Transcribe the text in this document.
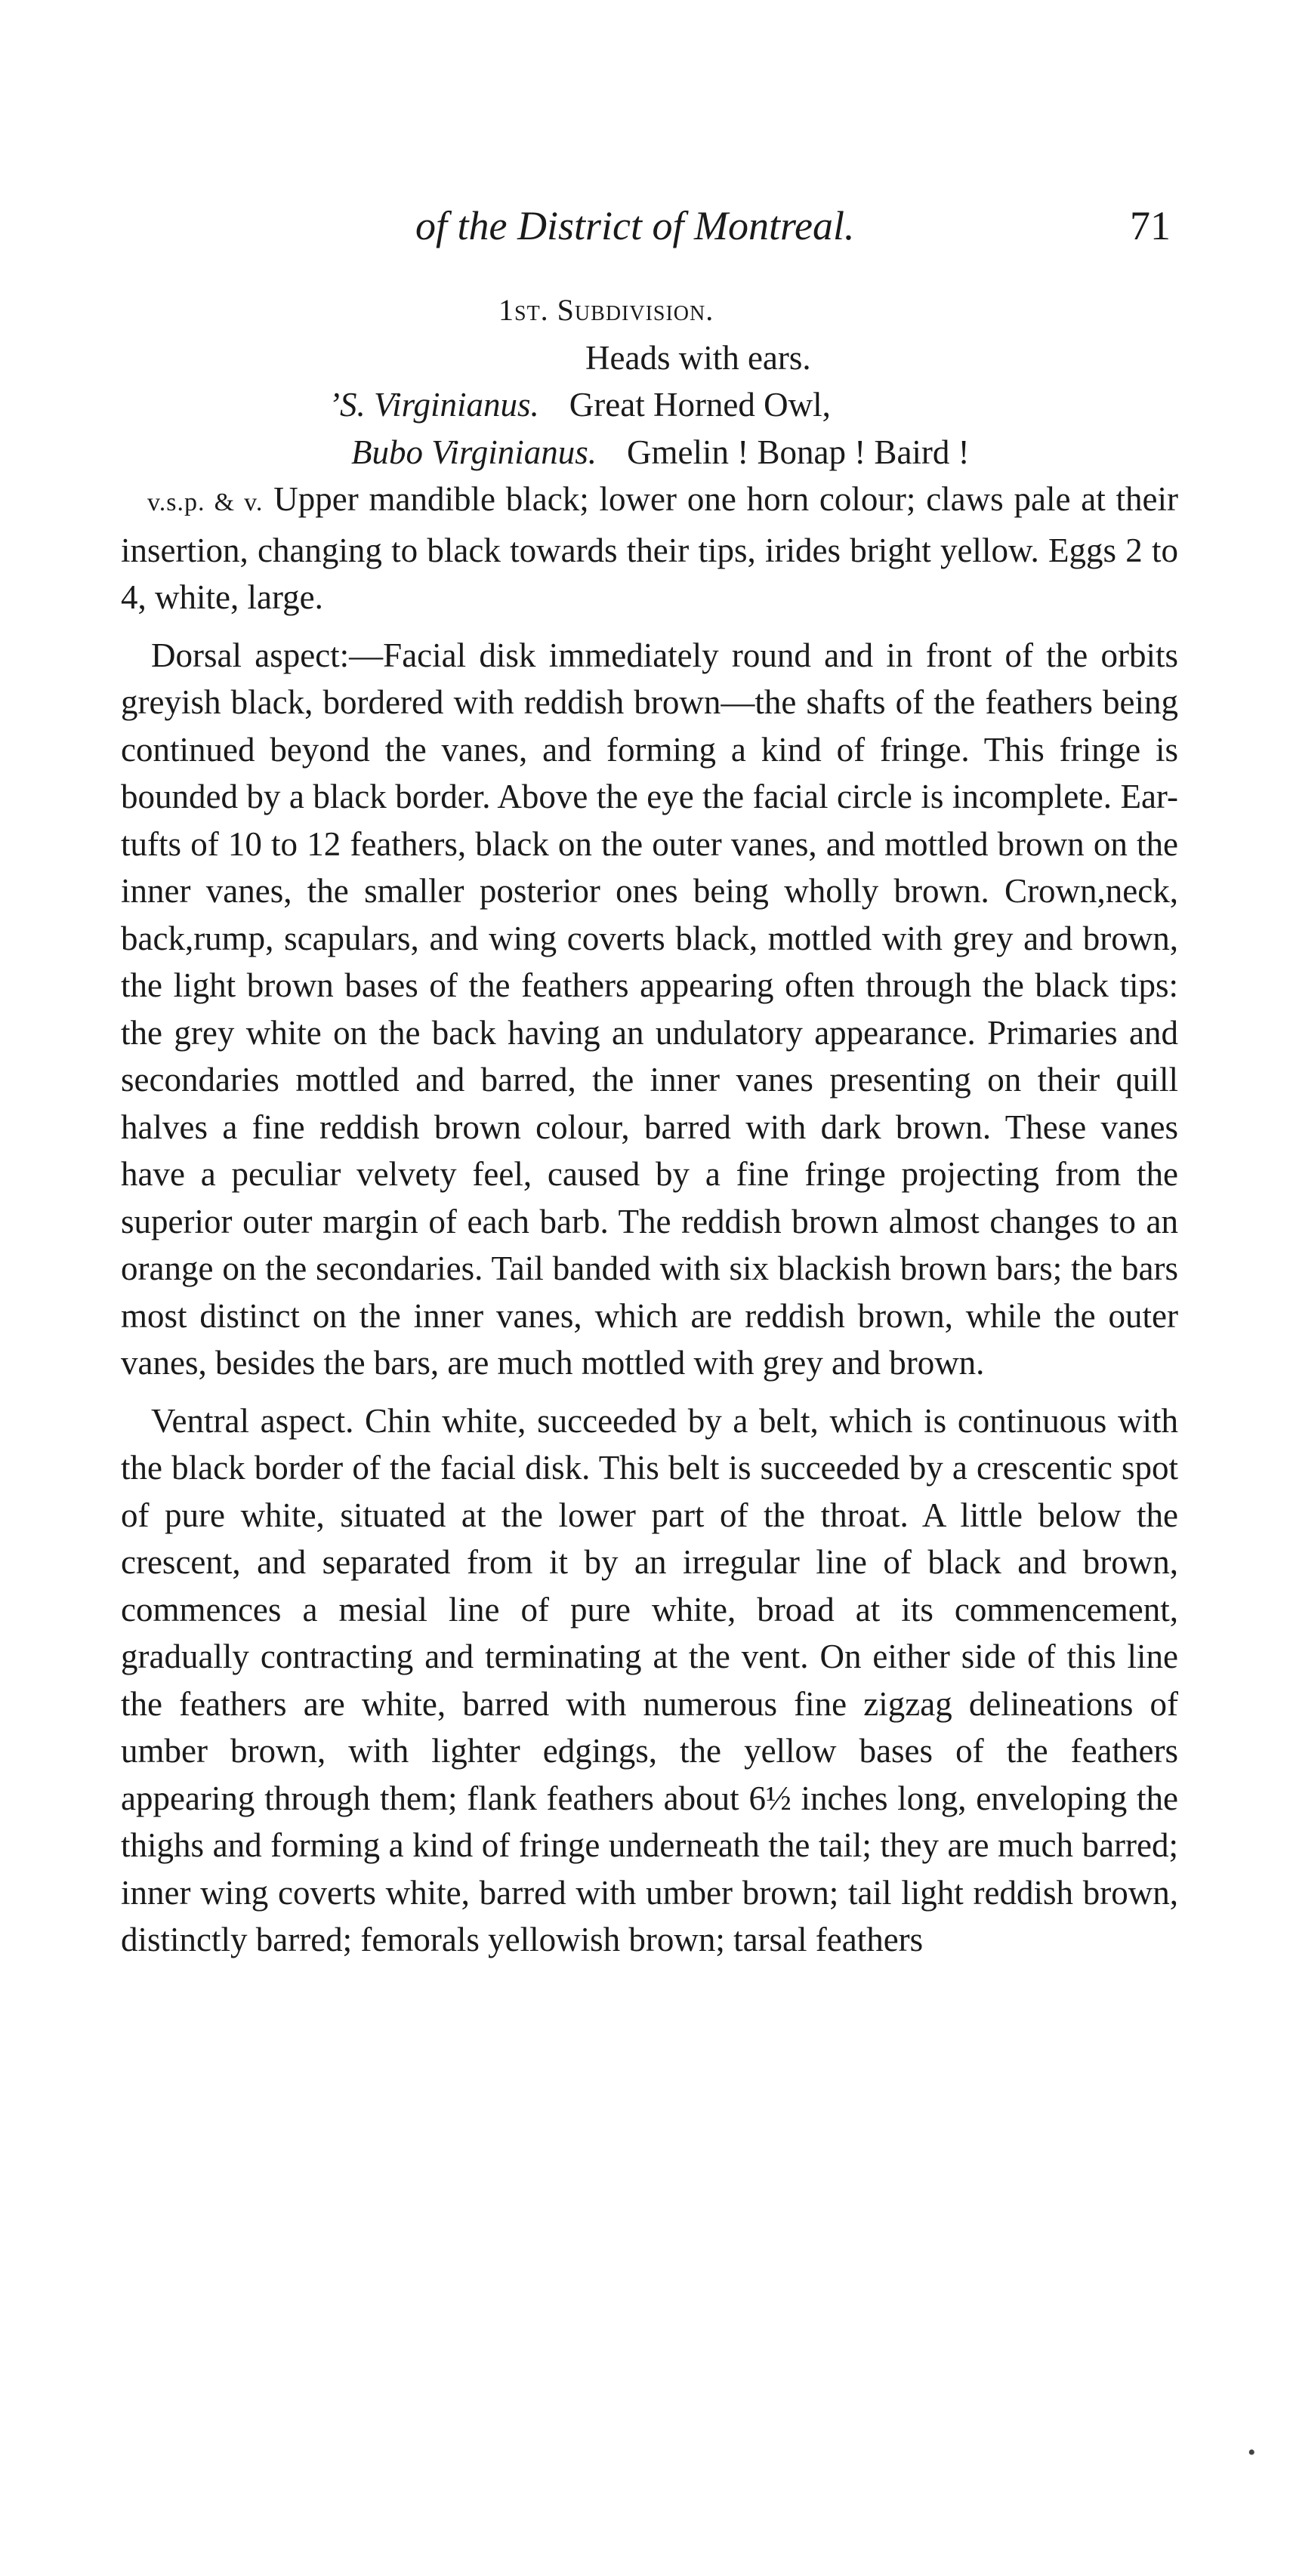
of the District of Montreal.	71
1st. Subdivision.
Heads with ears.
’S. Virginianus. Great Horned Owl,
Bubo Virginianus. Gmelin ! Bonap ! Baird !

v.s.p. & v. Upper mandible black; lower one horn colour; claws pale at their insertion, changing to black towards their tips, irides bright yellow. Eggs 2 to 4, white, large.

Dorsal aspect:—Facial disk immediately round and in front of the orbits greyish black, bordered with reddish brown—the shafts of the feathers being continued beyond the vanes, and forming a kind of fringe. This fringe is bounded by a black border. Above the eye the facial circle is incomplete. Ear-tufts of 10 to 12 feathers, black on the outer vanes, and mottled brown on the inner vanes, the smaller posterior ones being wholly brown. Crown,neck, back,rump, scapulars, and wing coverts black, mottled with grey and brown, the light brown bases of the feathers appearing often through the black tips: the grey white on the back having an undulatory appearance. Primaries and secondaries mottled and barred, the inner vanes presenting on their quill halves a fine reddish brown colour, barred with dark brown. These vanes have a peculiar velvety feel, caused by a fine fringe projecting from the superior outer margin of each barb. The reddish brown almost changes to an orange on the secondaries. Tail banded with six blackish brown bars; the bars most distinct on the inner vanes, which are reddish brown, while the outer vanes, besides the bars, are much mottled with grey and brown.

Ventral aspect. Chin white, succeeded by a belt, which is continuous with the black border of the facial disk. This belt is succeeded by a crescentic spot of pure white, situated at the lower part of the throat. A little below the crescent, and separated from it by an irregular line of black and brown, commences a mesial line of pure white, broad at its commencement, gradually contracting and terminating at the vent. On either side of this line the feathers are white, barred with numerous fine zigzag delineations of umber brown, with lighter edgings, the yellow bases of the feathers appearing through them; flank feathers about 6½ inches long, enveloping the thighs and forming a kind of fringe underneath the tail; they are much barred; inner wing coverts white, barred with umber brown; tail light reddish brown, distinctly barred; femorals yellowish brown; tarsal feathers

•
